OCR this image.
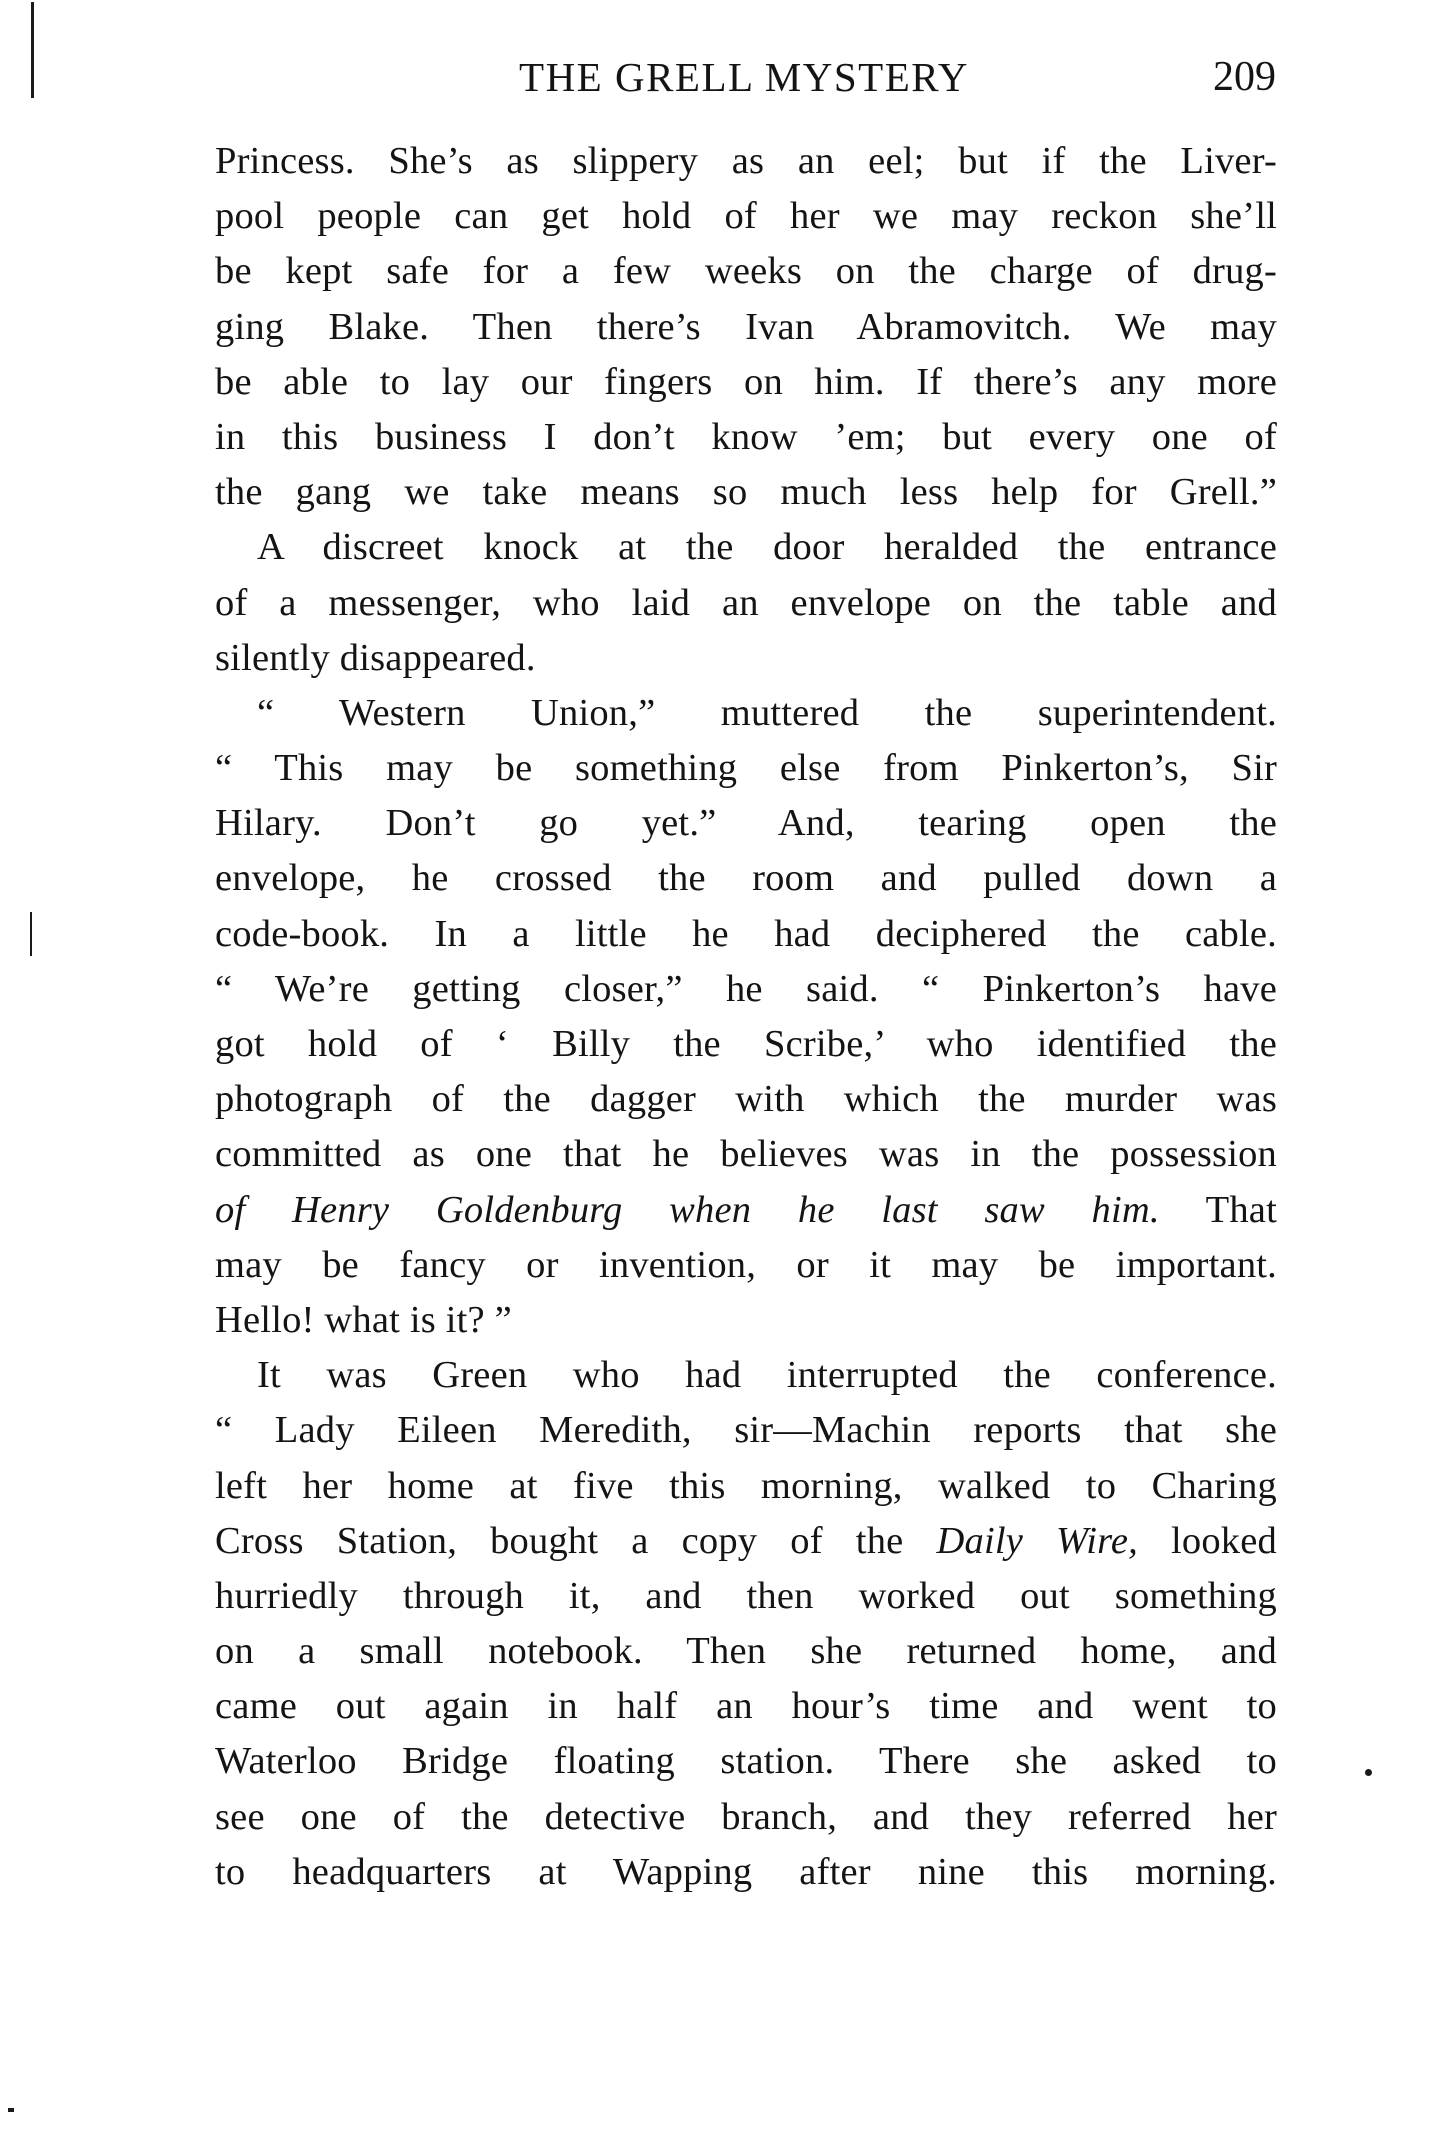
THE GRELL MYSTERY	209
Princess. She’s as slippery as an eel; but if the Liver-
pool people can get hold of her we may reckon she’ll
be kept safe for a few weeks on the charge of drug-
ging Blake. Then there’s Ivan Abramovitch. We may
be able to lay our fingers on him. If there’s any more
in this business I don’t know ’em; but every one of
the gang we take means so much less help for Grell.”
A discreet knock at the door heralded the entrance
of a messenger, who laid an envelope on the table and
silently disappeared.
“ Western Union,” muttered the superintendent.
“ This may be something else from Pinkerton’s, Sir
Hilary. Don’t go yet.” And, tearing open the
envelope, he crossed the room and pulled down a
code-book. In a little he had deciphered the cable.
“ We’re getting closer,” he said. “ Pinkerton’s have
got hold of ‘ Billy the Scribe,’ who identified the
photograph of the dagger with which the murder was
committed as one that he believes was in the possession
of Henry Goldenburg when he last saw him. That
may be fancy or invention, or it may be important.
Hello! what is it? ”
It was Green who had interrupted the conference.
“ Lady Eileen Meredith, sir—Machin reports that she
left her home at five this morning, walked to Charing
Cross Station, bought a copy of the Daily Wire, looked
hurriedly through it, and then worked out something
on a small notebook. Then she returned home, and
came out again in half an hour’s time and went to
Waterloo Bridge floating station. There she asked to
see one of the detective branch, and they referred her
to headquarters at Wapping after nine this morning.
